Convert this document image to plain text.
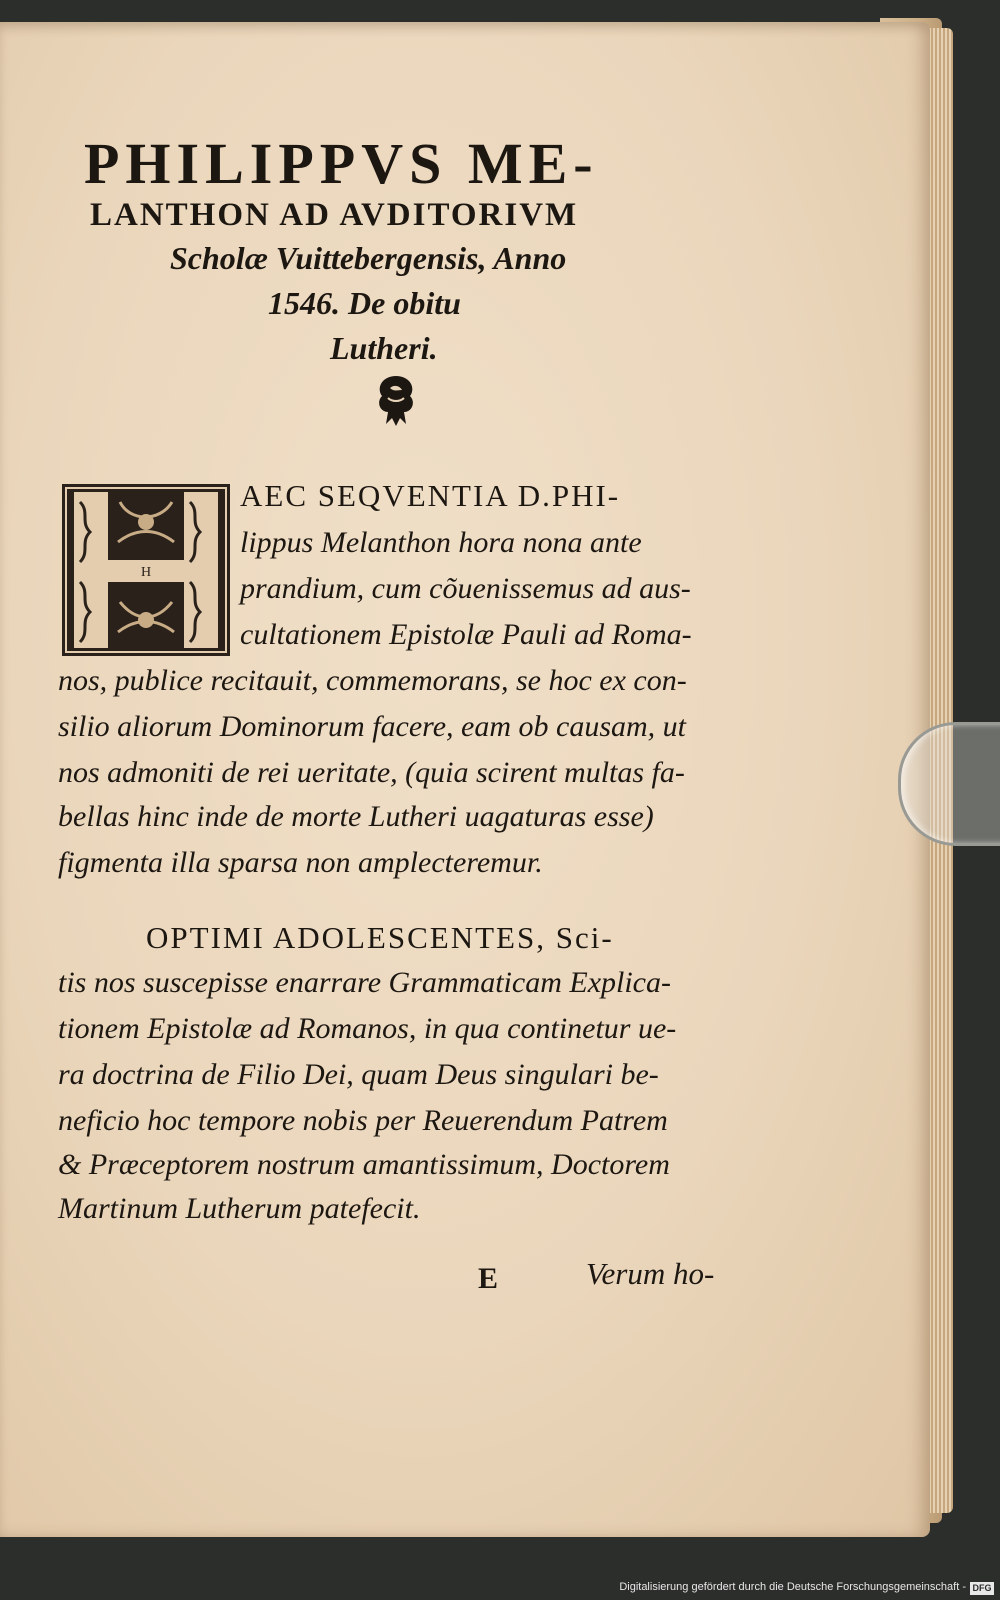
PHILIPPVS ME-
LANTHON AD AVDITORIVM
Scholæ Vuittebergensis, Anno
1546. De obitu
Lutheri.
H
AEC SEQVENTIA D.PHI-
lippus Melanthon hora nona ante
prandium, cum cõuenissemus ad aus-
cultationem Epistolæ Pauli ad Roma-
nos, publice recitauit, commemorans, se hoc ex con-
silio aliorum Dominorum facere, eam ob causam, ut
nos admoniti de rei ueritate, (quia scirent multas fa-
bellas hinc inde de morte Lutheri uagaturas esse)
figmenta illa sparsa non amplecteremur.
OPTIMI ADOLESCENTES, Sci-
tis nos suscepisse enarrare Grammaticam Explica-
tionem Epistolæ ad Romanos, in qua continetur ue-
ra doctrina de Filio Dei, quam Deus singulari be-
neficio hoc tempore nobis per Reuerendum Patrem
& Præceptorem nostrum amantissimum, Doctorem
Martinum Lutherum patefecit.
E	Verum ho-
Digitalisierung gefördert durch die Deutsche Forschungsgemeinschaft - DFG
